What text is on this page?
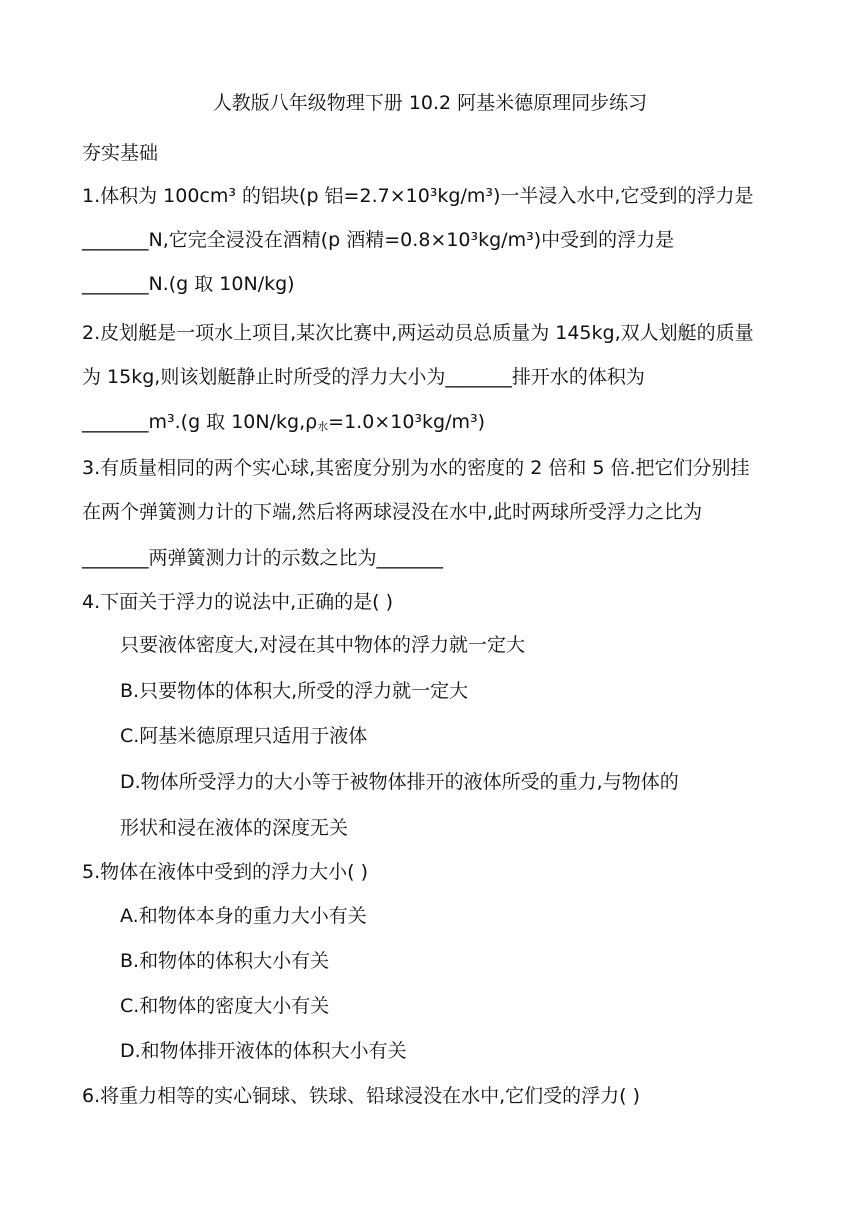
人教版八年级物理下册 10.2 阿基米德原理同步练习
夯实基础
1.体积为 100cm³ 的铝块(p 铝=2.7×10³kg/m³)一半浸入水中,它受到的浮力是
_______N,它完全浸没在酒精(p 酒精=0.8×10³kg/m³)中受到的浮力是
_______N.(g 取 10N/kg)
2.皮划艇是一项水上项目,某次比赛中,两运动员总质量为 145kg,双人划艇的质量
为 15kg,则该划艇静止时所受的浮力大小为_______排开水的体积为
_______m³.(g 取 $10N/kg,\rho_水=1.0\times 10^3kg/m^3$)
3.有质量相同的两个实心球,其密度分别为水的密度的 2 倍和 5 倍.把它们分别挂
在两个弹簧测力计的下端,然后将两球浸没在水中,此时两球所受浮力之比为
_______两弹簧测力计的示数之比为_______
4.下面关于浮力的说法中,正确的是( )
只要液体密度大,对浸在其中物体的浮力就一定大
B.只要物体的体积大,所受的浮力就一定大
C.阿基米德原理只适用于液体
D.物体所受浮力的大小等于被物体排开的液体所受的重力,与物体的
形状和浸在液体的深度无关
5.物体在液体中受到的浮力大小( )
A.和物体本身的重力大小有关
B.和物体的体积大小有关
C.和物体的密度大小有关
D.和物体排开液体的体积大小有关
6.将重力相等的实心铜球、铁球、铅球浸没在水中,它们受的浮力( )
